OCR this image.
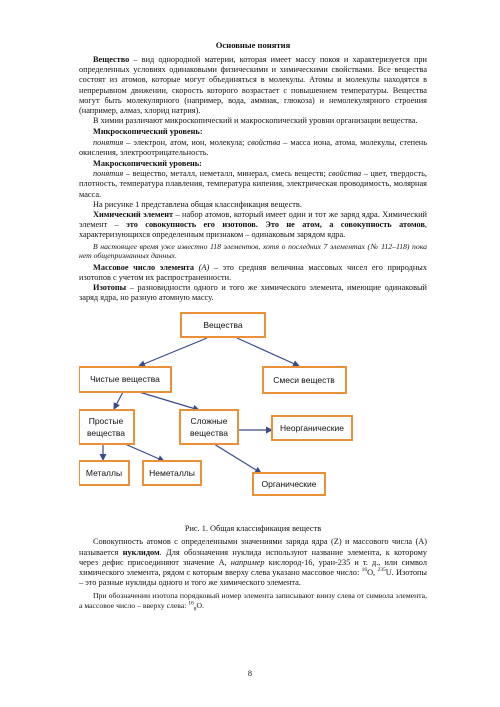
Основные понятия

Вещество – вид однородной материи, которая имеет массу покоя и характеризуется при определенных условиях одинаковыми физическими и химическими свойствами. Все вещества состоят из атомов, которые могут объединяться в молекулы. Атомы и молекулы находятся в непрерывном движении, скорость которого возрастает с повышением температуры. Вещества могут быть молекулярного (например, вода, аммиак, глюкоза) и немолекулярного строения (например, алмаз, хлорид натрия).

В химии различают микроскопический и макроскопический уровни организации вещества.

Микроскопический уровень:

понятия – электрон, атом, ион, молекула; свойства – масса иона, атома, молекулы, степень окисления, электроотрицательность.

Макроскопический уровень:

понятия – вещество, металл, неметалл, минерал, смесь веществ; свойства – цвет, твердость, плотность, температура плавления, температура кипения, электрическая проводимость, молярная масса.

На рисунке 1 представлена общая классификация веществ.

Химический элемент – набор атомов, который имеет один и тот же заряд ядра. Химический элемент – это совокупность его изотопов. Это не атом, а совокупность атомов, характеризующихся определенным признаком – одинаковым зарядом ядра.

В настоящее время уже известно 118 элементов, хотя о последних 7 элементах (№ 112–118) пока нет общепризнанных данных.

Массовое число элемента (A) – это средняя величина массовых чисел его природных изотопов с учетом их распространенности.

Изотопы – разновидности одного и того же химического элемента, имеющие одинаковый заряд ядра, но разную атомную массу.

Вещества
Чистые вещества	Смеси веществ
Простые
вещества
Сложные
вещества	Неорганические
Металлы	Неметаллы
Органические
Рис. 1. Общая классификация веществ

Совокупность атомов с определенными значениями заряда ядра (Z) и массового числа (A) называется нуклидом. Для обозначения нуклида используют название элемента, к которому через дефис присоединяют значение A, например кислород-16, уран-235 и т. д., или символ химического элемента, рядом с которым вверху слева указано массовое число: $^{16}$O, $^{235}$U. Изотопы – это разные нуклиды одного и того же химического элемента.

При обозначении изотопа порядковый номер элемента записывают внизу слева от символа элемента, а массовое число – вверху слева: $^{16}_8$O.

8
